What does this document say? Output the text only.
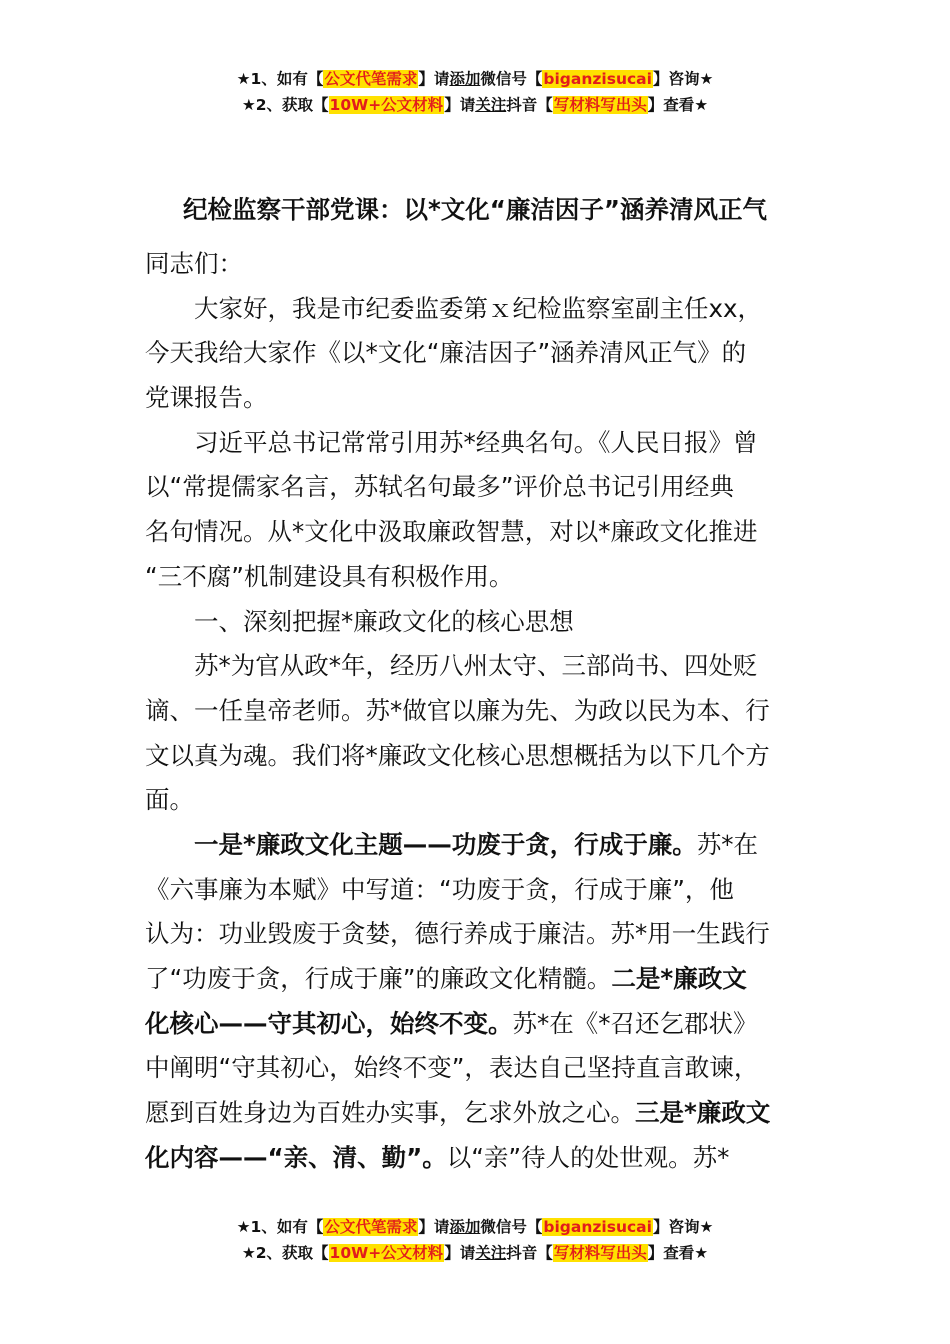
★1、如有【公文代笔需求】请添加微信号【biganzisucai】咨询★
★2、获取【10W+公文材料】请关注抖音【写材料写出头】查看★
纪检监察干部党课：以*文化“廉洁因子”涵养清风正气
同志们：
大家好，我是市纪委监委第ｘ纪检监察室副主任xx，
今天我给大家作《以*文化“廉洁因子”涵养清风正气》的
党课报告。
习近平总书记常常引用苏*经典名句。《人民日报》曾
以“常提儒家名言，苏轼名句最多”评价总书记引用经典
名句情况。从*文化中汲取廉政智慧，对以*廉政文化推进
“三不腐”机制建设具有积极作用。
一、深刻把握*廉政文化的核心思想
苏*为官从政*年，经历八州太守、三部尚书、四处贬
谪、一任皇帝老师。苏*做官以廉为先、为政以民为本、行
文以真为魂。我们将*廉政文化核心思想概括为以下几个方
面。
一是*廉政文化主题——功废于贪，行成于廉。苏*在
《六事廉为本赋》中写道：“功废于贪，行成于廉”，他
认为：功业毁废于贪婪，德行养成于廉洁。苏*用一生践行
了“功废于贪，行成于廉”的廉政文化精髓。二是*廉政文
化核心——守其初心，始终不变。苏*在《*召还乞郡状》
中阐明“守其初心，始终不变”，表达自己坚持直言敢谏，
愿到百姓身边为百姓办实事，乞求外放之心。三是*廉政文
化内容——“亲、清、勤”。以“亲”待人的处世观。苏*
★1、如有【公文代笔需求】请添加微信号【biganzisucai】咨询★
★2、获取【10W+公文材料】请关注抖音【写材料写出头】查看★
